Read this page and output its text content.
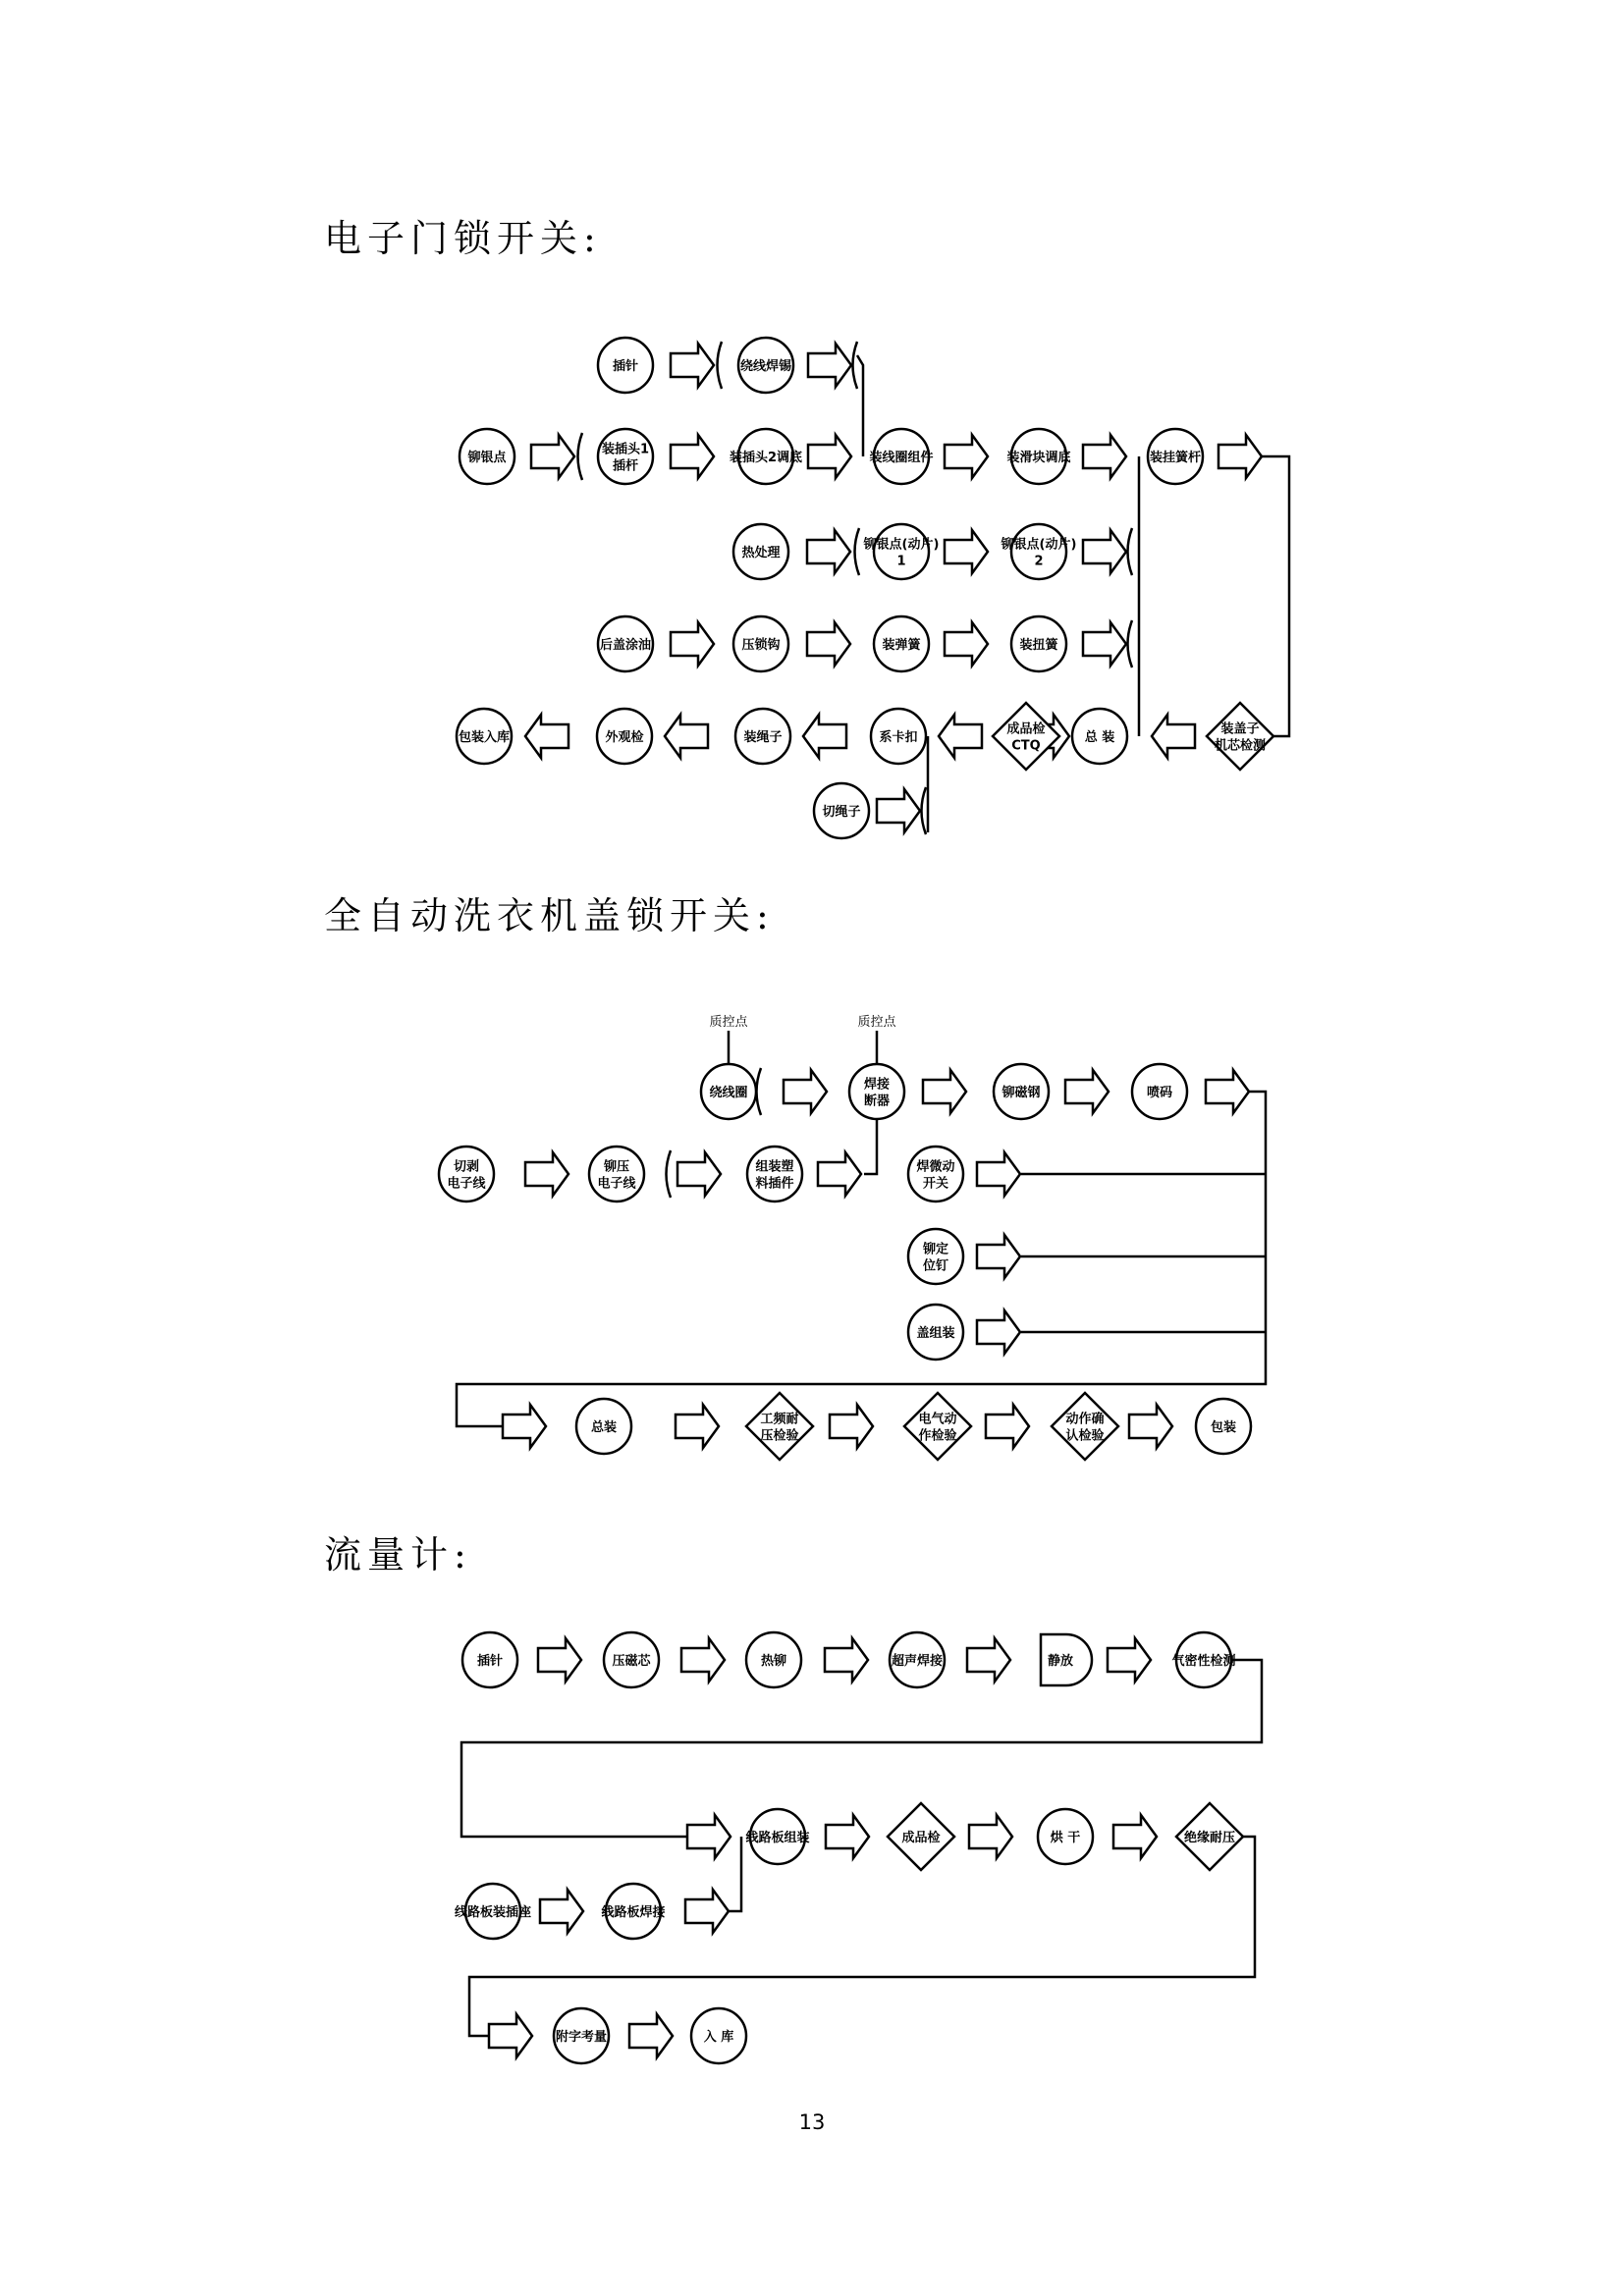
电子门锁开关:
全自动洗衣机盖锁开关:
流量计:
13
插针	绕线焊锡
铆银点
装插头1 插杆
装插头2调底	装线圈组件	装滑块调底	装挂簧杆
热处理
铆银点(动片) 1
铆银点(动片) 2
后盖涂油	压锁钩	装弹簧	装扭簧
装盖子机芯检测
总 装
成品检 CTQ
系卡扣
装绳子
外观检
包装入库
切绳子
质控点	质控点
绕线圈
焊接断器
铆磁钢	喷码
切剥电子线
铆压电子线
组装塑料插件
焊微动开关
铆定位钉
盖组装
总装
工频耐压检验
电气动作检验
动作确认检验
包装
插针	压磁芯	热铆	超声焊接	静放	气密性检测
线路板组装	成品检	烘 干	绝缘耐压
线路板装插座	线路板焊接
附字考量	入 库
